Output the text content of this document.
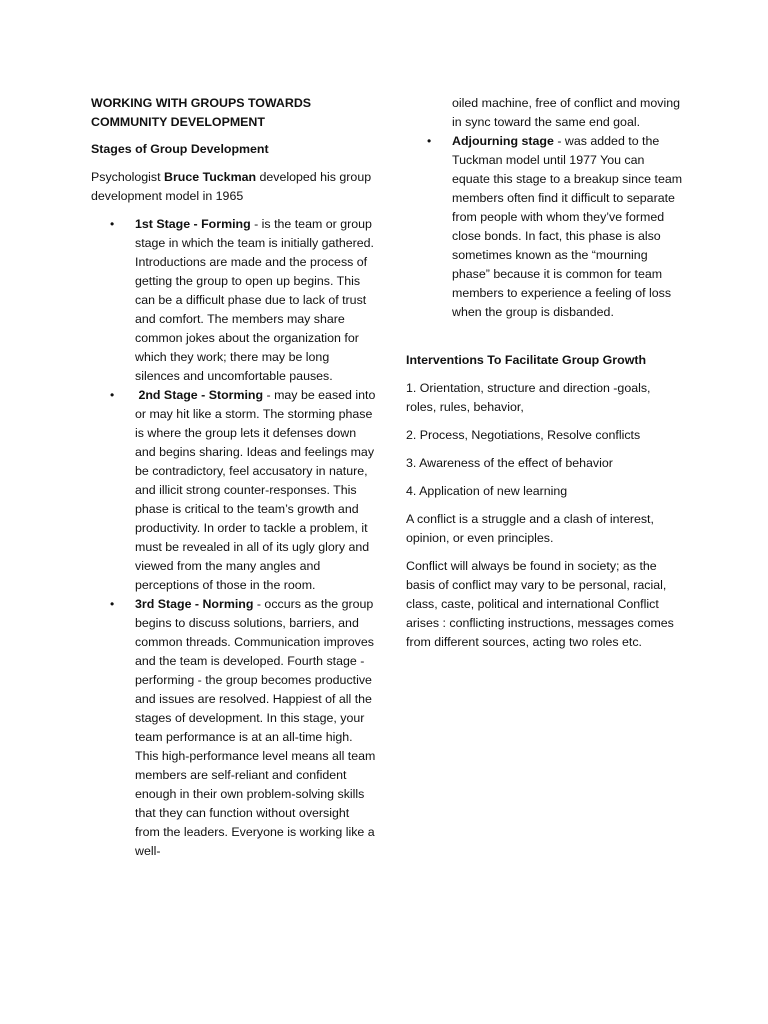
WORKING WITH GROUPS TOWARDS
COMMUNITY DEVELOPMENT
Stages of Group Development

Psychologist Bruce Tuckman developed his group development model in 1965

• 1st Stage - Forming - is the team or group stage in which the team is initially gathered. Introductions are made and the process of getting the group to open up begins. This can be a difficult phase due to lack of trust and comfort. The members may share common jokes about the organization for which they work; there may be long silences and uncomfortable pauses.
• 2nd Stage - Storming - may be eased into or may hit like a storm. The storming phase is where the group lets it defenses down and begins sharing. Ideas and feelings may be contradictory, feel accusatory in nature, and illicit strong counter-responses. This phase is critical to the team’s growth and productivity. In order to tackle a problem, it must be revealed in all of its ugly glory and viewed from the many angles and perceptions of those in the room.
• 3rd Stage - Norming - occurs as the group begins to discuss solutions, barriers, and common threads. Communication improves and the team is developed. Fourth stage - performing - the group becomes productive and issues are resolved. Happiest of all the stages of development. In this stage, your team performance is at an all-time high. This high-performance level means all team members are self-reliant and confident enough in their own problem-solving skills that they can function without oversight from the leaders. Everyone is working like a well-
oiled machine, free of conflict and moving in sync toward the same end goal.
• Adjourning stage - was added to the Tuckman model until 1977 You can equate this stage to a breakup since team members often find it difficult to separate from people with whom they’ve formed close bonds. In fact, this phase is also sometimes known as the “mourning phase” because it is common for team members to experience a feeling of loss when the group is disbanded.

Interventions To Facilitate Group Growth

1. Orientation, structure and direction -goals, roles, rules, behavior,

2. Process, Negotiations, Resolve conflicts

3. Awareness of the effect of behavior

4. Application of new learning

A conflict is a struggle and a clash of interest, opinion, or even principles.

Conflict will always be found in society; as the basis of conflict may vary to be personal, racial, class, caste, political and international Conflict arises : conflicting instructions, messages comes from different sources, acting two roles etc.
